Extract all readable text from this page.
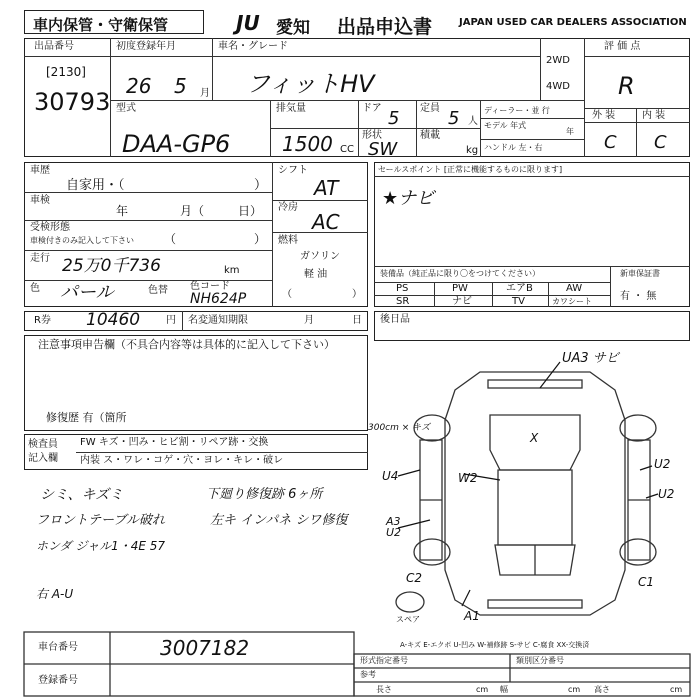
車内保管・守衛保管	JU 愛知 出品申込書	JAPAN USED CAR DEALERS ASSOCIATION
出品番号
[2130]
30793
初度登録年月
26 5 月
車名・グレード
フィットHV
2WD
4WD
評 価 点
R
外 装	内 装
C C
型式
DAA-GP6
排気量
1500 CC
ドア 5
形状
SW
定員 5 人
積載
kg
ディーラー・並 行
モデル 年式
年
ハンドル 左・右
車歴
自家用・（	）
車検
年	月（	日）
受検形態
車検付きのみ記入して下さい	（	）
走行 25万0千736	km
色 パール	色替 色コード
NH624P
シフト
AT
冷房
AC
燃料
ガソリン
軽 油
（	）
セールスポイント [正常に機能するものに限ります]
★ナビ
装備品（純正品に限り〇をつけてください）
PS	PW	エアB	AW
SR	ナビ	TV	カワシート
新車保証書
有 ・ 無
R券 10460	円 名変通知期限	月	日 後日品
注意事項申告欄（不具合内容等は具体的に記入して下さい）
修復歴 有（箇所
検査員 記入欄
FW キズ・凹み・ヒビ割・リペア跡・交換
内装 ス・ワレ・コゲ・穴・ヨレ・キレ・破レ
シミ、キズミ
フロントテーブル破れ
ホンダ ジャル1・4E 57
下廻り修復跡 6ヶ所
左キ インパネ シワ修復
右 A-U
UA3 サビ
300cm × キズ
X
W2
U4
U2
U2
A3 U2
C2	C1
A1
スペア
A-キズ E-エクボ U-凹み W-補修跡 S-サビ C-腐食 XX-交換済
車台番号	3007182
登録番号
形式指定番号	類別区分番号
参考
長さ	cm 幅	cm 高さ	cm
